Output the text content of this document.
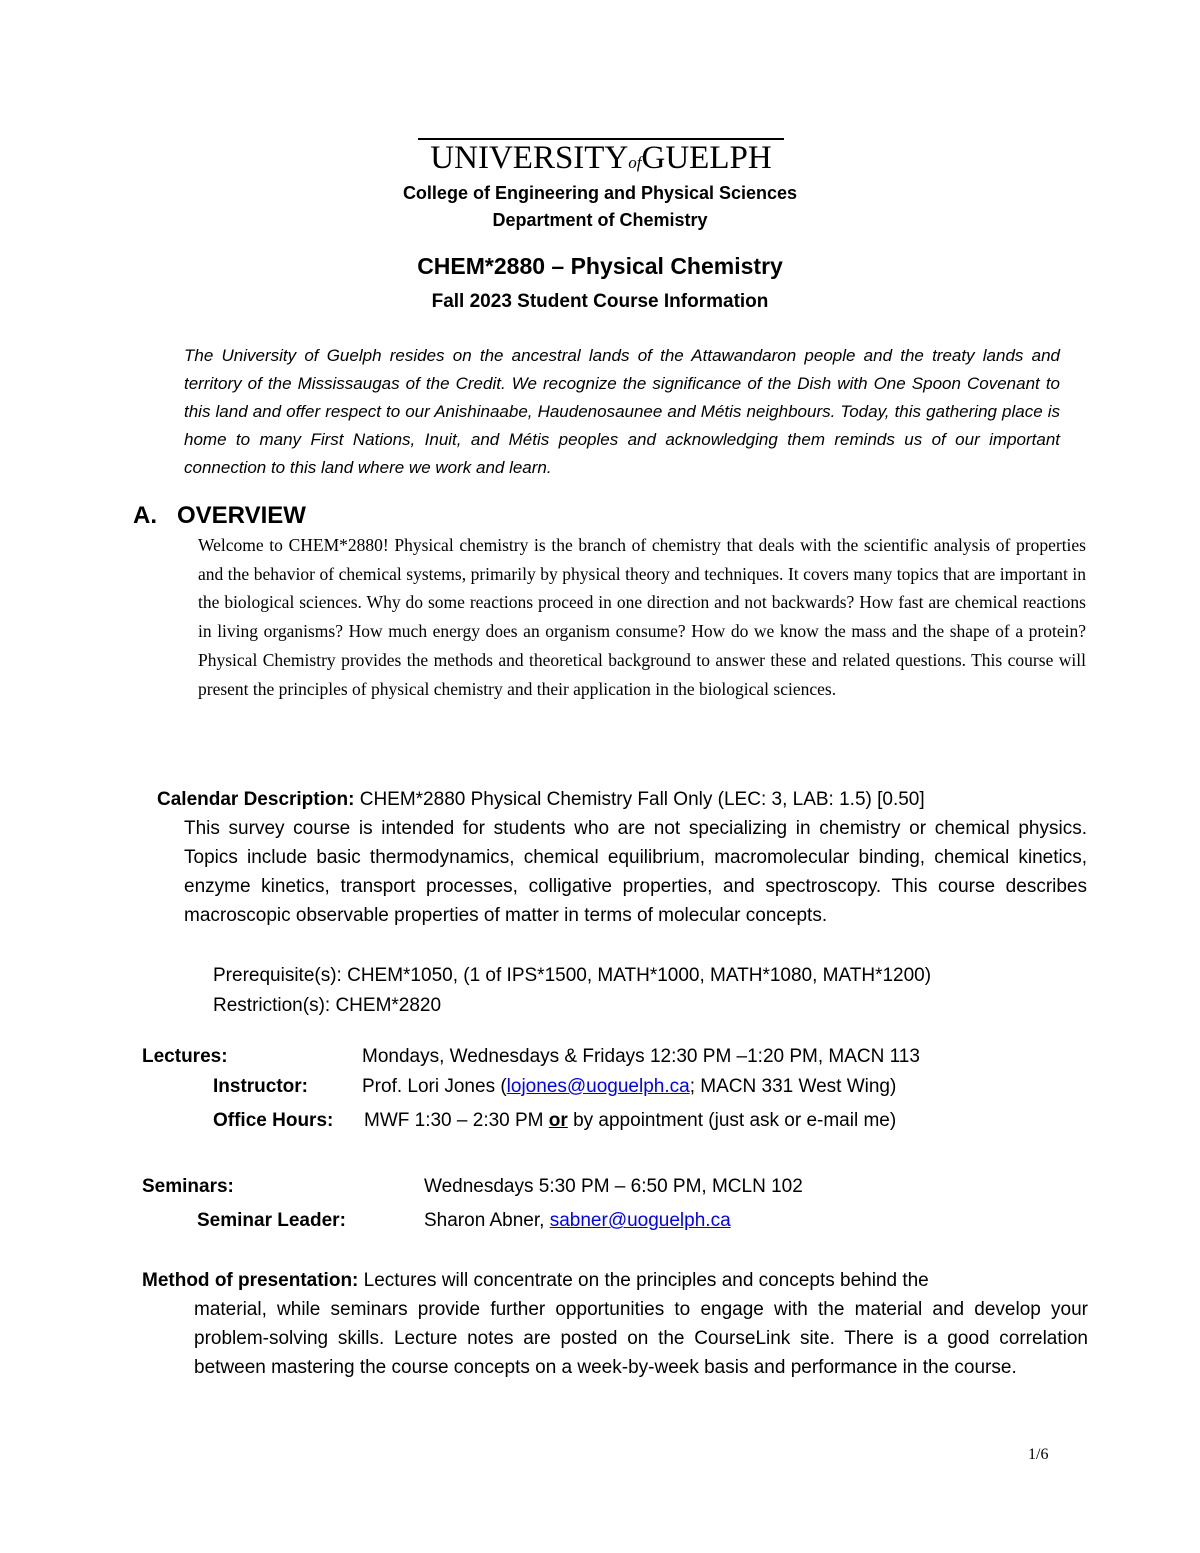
UNIVERSITYofGUELPH
College of Engineering and Physical Sciences
Department of Chemistry
CHEM*2880 – Physical Chemistry
Fall 2023 Student Course Information
The University of Guelph resides on the ancestral lands of the Attawandaron people and the treaty lands and territory of the Mississaugas of the Credit. We recognize the significance of the Dish with One Spoon Covenant to this land and offer respect to our Anishinaabe, Haudenosaunee and Métis neighbours. Today, this gathering place is home to many First Nations, Inuit, and Métis peoples and acknowledging them reminds us of our important connection to this land where we work and learn.
A. OVERVIEW
Welcome to CHEM*2880! Physical chemistry is the branch of chemistry that deals with the scientific analysis of properties and the behavior of chemical systems, primarily by physical theory and techniques. It covers many topics that are important in the biological sciences. Why do some reactions proceed in one direction and not backwards? How fast are chemical reactions in living organisms? How much energy does an organism consume? How do we know the mass and the shape of a protein? Physical Chemistry provides the methods and theoretical background to answer these and related questions. This course will present the principles of physical chemistry and their application in the biological sciences.
Calendar Description: CHEM*2880 Physical Chemistry Fall Only (LEC: 3, LAB: 1.5) [0.50]
This survey course is intended for students who are not specializing in chemistry or chemical physics. Topics include basic thermodynamics, chemical equilibrium, macromolecular binding, chemical kinetics, enzyme kinetics, transport processes, colligative properties, and spectroscopy. This course describes macroscopic observable properties of matter in terms of molecular concepts.
Prerequisite(s): CHEM*1050, (1 of IPS*1500, MATH*1000, MATH*1080, MATH*1200)
Restriction(s): CHEM*2820
Lectures:	Mondays, Wednesdays & Fridays 12:30 PM –1:20 PM, MACN 113
Instructor:	Prof. Lori Jones (lojones@uoguelph.ca; MACN 331 West Wing)
Office Hours: MWF 1:30 – 2:30 PM or by appointment (just ask or e-mail me)
Seminars:	Wednesdays 5:30 PM – 6:50 PM, MCLN 102
Seminar Leader:	Sharon Abner, sabner@uoguelph.ca
Method of presentation: Lectures will concentrate on the principles and concepts behind the
material, while seminars provide further opportunities to engage with the material and develop your problem-solving skills. Lecture notes are posted on the CourseLink site. There is a good correlation between mastering the course concepts on a week-by-week basis and performance in the course.
1/6
